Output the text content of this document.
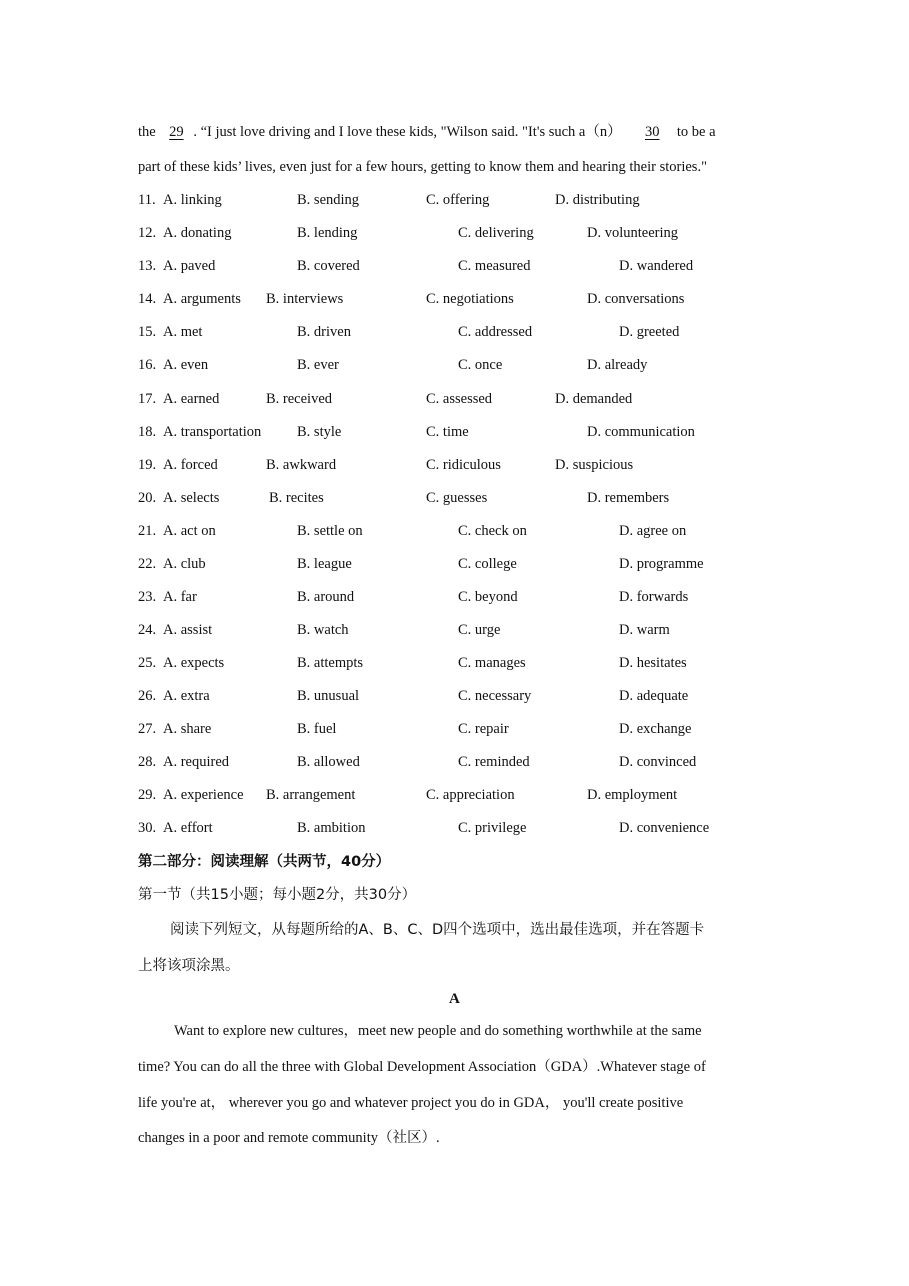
the 29 . “I just love driving and I love these kids, "Wilson said. "It's such a（n） 30 to be a
part of these kids’ lives, even just for a few hours, getting to know them and hearing their stories."
11. A. linking	B. sending	C. offering	D. distributing
12. A. donating	B. lending	C. delivering	D. volunteering
13. A. paved	B. covered	C. measured	D. wandered
14. A. arguments B. interviews	C. negotiations	D. conversations
15. A. met	B. driven	C. addressed	D. greeted
16. A. even	B. ever	C. once	D. already
17. A. earned	B. received	C. assessed	D. demanded
18. A. transportation B. style	C. time	D. communication
19. A. forced	B. awkward	C. ridiculous	D. suspicious
20. A. selects	B. recites	C. guesses	D. remembers
21. A. act on	B. settle on	C. check on	D. agree on
22. A. club	B. league	C. college	D. programme
23. A. far	B. around	C. beyond	D. forwards
24. A. assist	B. watch	C. urge	D. warm
25. A. expects	B. attempts	C. manages	D. hesitates
26. A. extra	B. unusual	C. necessary	D. adequate
27. A. share	B. fuel	C. repair	D. exchange
28. A. required	B. allowed	C. reminded	D. convinced
29. A. experience B. arrangement	C. appreciation	D. employment
30. A. effort	B. ambition	C. privilege	D. convenience
第二部分：阅读理解（共两节，40分）
第一节（共15小题；每小题2分，共30分）
阅读下列短文，从每题所给的A、B、C、D四个选项中，选出最佳选项，并在答题卡
上将该项涂黑。
A
Want to explore new cultures，meet new people and do something worthwhile at the same
time? You can do all the three with Global Development Association（GDA）.Whatever stage of
life you're at， wherever you go and whatever project you do in GDA， you'll create positive
changes in a poor and remote community（社区）.
